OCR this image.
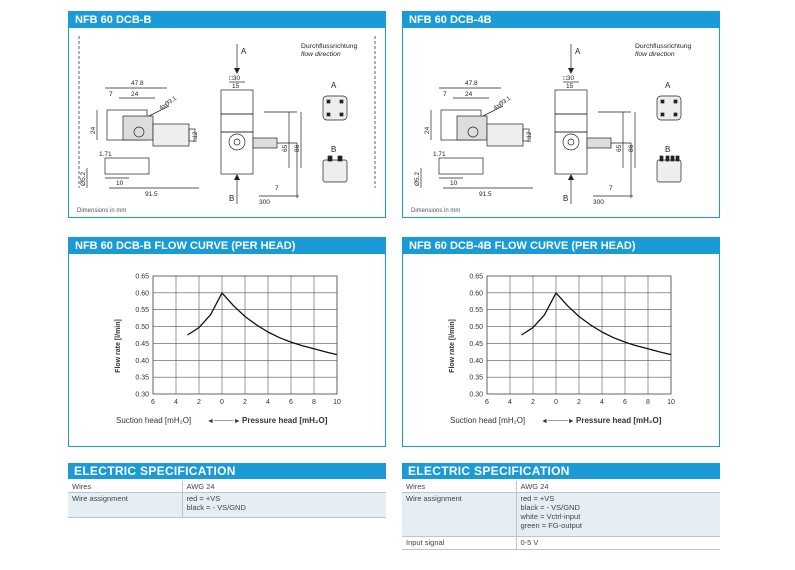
NFB 60 DCB-B
47.8
7	24
4xØ3.1
24
1.71
Ø5.2	10
91.5
□30
15
65 86
□12
7
300
A
B
Durchflussrichtung
flow direction
A
B
Dimensions in mm
NFB 60 DCB-4B
47.8
7	24
4xØ3.1
24
1.71
Ø5.2	10
91.5
□30
15
65 86
□12
7
300
A
B
Durchflussrichtung
flow direction
A
B
Dimensions in mm
NFB 60 DCB-B FLOW CURVE (PER HEAD)
Flow rate [l/min]
Suction head [mH₂O] ◄────► Pressure head [mH₂O]
6	4	2	0	2	4	6	8 10
0.65
0.60
0.55
0.50
0.45
0.40
0.35
0.30
NFB 60 DCB-4B FLOW CURVE (PER HEAD)
Flow rate [l/min]
Suction head [mH₂O] ◄────► Pressure head [mH₂O]
6	4	2	0	2	4	6	8 10
0.65
0.60
0.55
0.50
0.45
0.40
0.35
0.30
ELECTRIC SPECIFICATION
Wires	AWG 24
Wire assignment	red = +VS
black = - VS/GND
ELECTRIC SPECIFICATION
Wires	AWG 24
Wire assignment	red = +VS
black = - VS/GND
white = Vctrl-input
green = FG-output
Input signal	0-5 V
